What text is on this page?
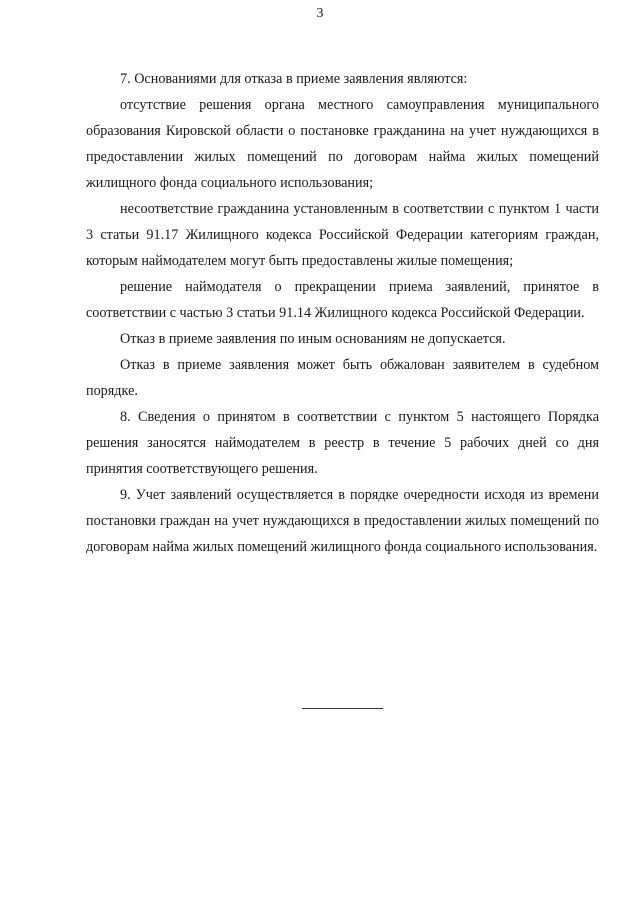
3

7. Основаниями для отказа в приеме заявления являются:

отсутствие решения органа местного самоуправления муниципального образования Кировской области о постановке гражданина на учет нуждающихся в предоставлении жилых помещений по договорам найма жилых помещений жилищного фонда социального использования;

несоответствие гражданина установленным в соответствии с пунктом 1 части 3 статьи 91.17 Жилищного кодекса Российской Федерации категориям граждан, которым наймодателем могут быть предоставлены жилые помещения;

решение наймодателя о прекращении приема заявлений, принятое в соответствии с частью 3 статьи 91.14 Жилищного кодекса Российской Федерации.

Отказ в приеме заявления по иным основаниям не допускается.

Отказ в приеме заявления может быть обжалован заявителем в судебном порядке.

8. Сведения о принятом в соответствии с пунктом 5 настоящего Порядка решения заносятся наймодателем в реестр в течение 5 рабочих дней со дня принятия соответствующего решения.

9. Учет заявлений осуществляется в порядке очередности исходя из времени постановки граждан на учет нуждающихся в предоставлении жилых помещений по договорам найма жилых помещений жилищного фонда социального использования.
